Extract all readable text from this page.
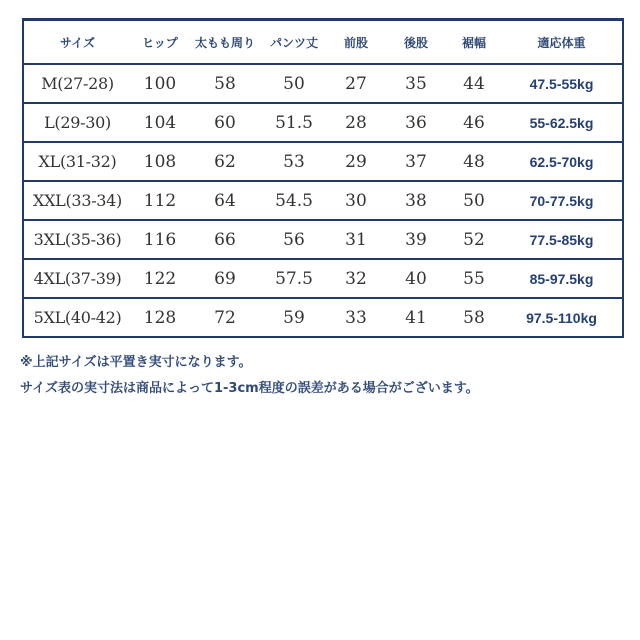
サイズ	ヒップ	太もも周り	パンツ丈	前股	後股	裾幅	適応体重
M(27-28)	100	58	50	27	35	44	47.5-55kg
L(29-30)	104	60	51.5	28	36	46	55-62.5kg
XL(31-32)	108	62	53	29	37	48	62.5-70kg
XXL(33-34)	112	64	54.5	30	38	50	70-77.5kg
3XL(35-36)	116	66	56	31	39	52	77.5-85kg
4XL(37-39)	122	69	57.5	32	40	55	85-97.5kg
5XL(40-42)	128	72	59	33	41	58	97.5-110kg
※上記サイズは平置き実寸になります。
サイズ表の実寸法は商品によって1-3cm程度の誤差がある場合がございます。
